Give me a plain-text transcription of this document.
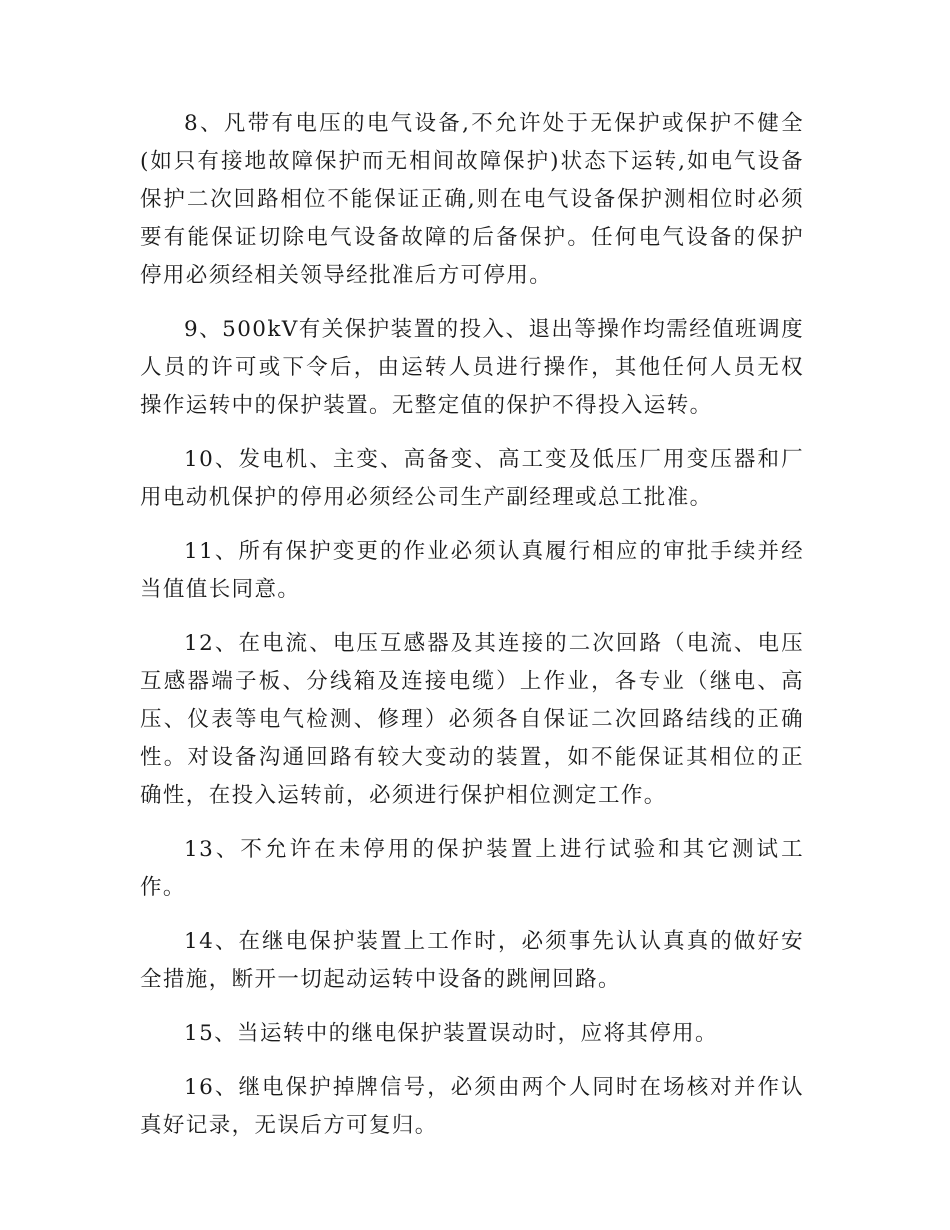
8、凡带有电压的电气设备,不允许处于无保护或保护不健全(如只有接地故障保护而无相间故障保护)状态下运转,如电气设备保护二次回路相位不能保证正确,则在电气设备保护测相位时必须要有能保证切除电气设备故障的后备保护。任何电气设备的保护停用必须经相关领导经批准后方可停用。

9、500kV有关保护装置的投入、退出等操作均需经值班调度人员的许可或下令后，由运转人员进行操作，其他任何人员无权操作运转中的保护装置。无整定值的保护不得投入运转。

10、发电机、主变、高备变、高工变及低压厂用变压器和厂用电动机保护的停用必须经公司生产副经理或总工批准。

11、所有保护变更的作业必须认真履行相应的审批手续并经当值值长同意。

12、在电流、电压互感器及其连接的二次回路（电流、电压互感器端子板、分线箱及连接电缆）上作业，各专业（继电、高压、仪表等电气检测、修理）必须各自保证二次回路结线的正确性。对设备沟通回路有较大变动的装置，如不能保证其相位的正确性，在投入运转前，必须进行保护相位测定工作。

13、不允许在未停用的保护装置上进行试验和其它测试工作。

14、在继电保护装置上工作时，必须事先认认真真的做好安全措施，断开一切起动运转中设备的跳闸回路。

15、当运转中的继电保护装置误动时，应将其停用。

16、继电保护掉牌信号，必须由两个人同时在场核对并作认真好记录，无误后方可复归。
